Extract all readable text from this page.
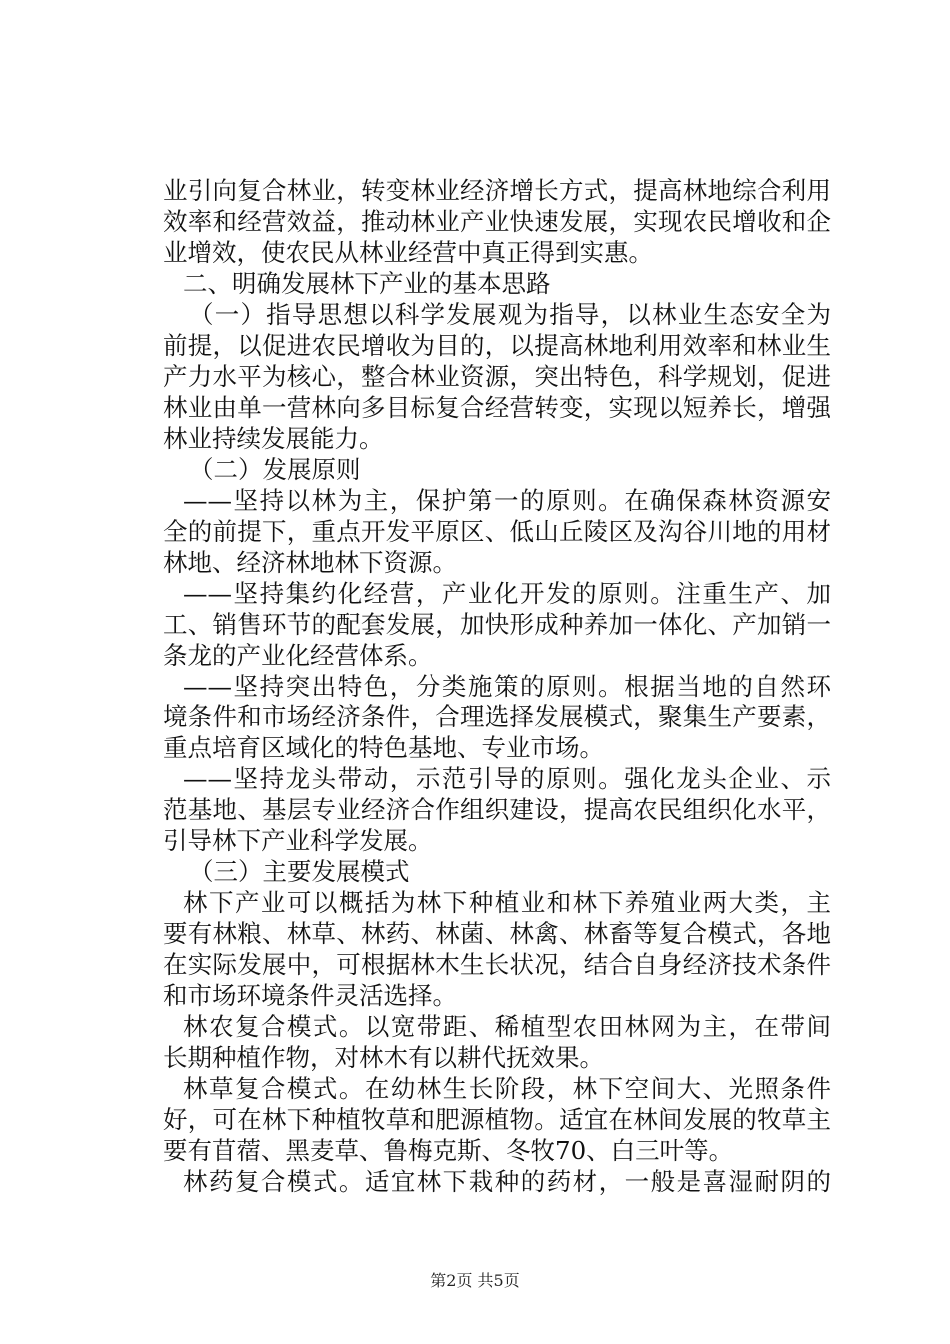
业引向复合林业，转变林业经济增长方式，提高林地综合利用
效率和经营效益，推动林业产业快速发展，实现农民增收和企
业增效，使农民从林业经营中真正得到实惠。
二、明确发展林下产业的基本思路
（一）指导思想以科学发展观为指导，以林业生态安全为
前提，以促进农民增收为目的，以提高林地利用效率和林业生
产力水平为核心，整合林业资源，突出特色，科学规划，促进
林业由单一营林向多目标复合经营转变，实现以短养长，增强
林业持续发展能力。
（二）发展原则
——坚持以林为主，保护第一的原则。在确保森林资源安
全的前提下，重点开发平原区、低山丘陵区及沟谷川地的用材
林地、经济林地林下资源。
——坚持集约化经营，产业化开发的原则。注重生产、加
工、销售环节的配套发展，加快形成种养加一体化、产加销一
条龙的产业化经营体系。
——坚持突出特色，分类施策的原则。根据当地的自然环
境条件和市场经济条件，合理选择发展模式，聚集生产要素，
重点培育区域化的特色基地、专业市场。
——坚持龙头带动，示范引导的原则。强化龙头企业、示
范基地、基层专业经济合作组织建设，提高农民组织化水平，
引导林下产业科学发展。
（三）主要发展模式
林下产业可以概括为林下种植业和林下养殖业两大类，主
要有林粮、林草、林药、林菌、林禽、林畜等复合模式，各地
在实际发展中，可根据林木生长状况，结合自身经济技术条件
和市场环境条件灵活选择。
林农复合模式。以宽带距、稀植型农田林网为主，在带间
长期种植作物，对林木有以耕代抚效果。
林草复合模式。在幼林生长阶段，林下空间大、光照条件
好，可在林下种植牧草和肥源植物。适宜在林间发展的牧草主
要有苜蓿、黑麦草、鲁梅克斯、冬牧70、白三叶等。
林药复合模式。适宜林下栽种的药材，一般是喜湿耐阴的
第2页 共5页
